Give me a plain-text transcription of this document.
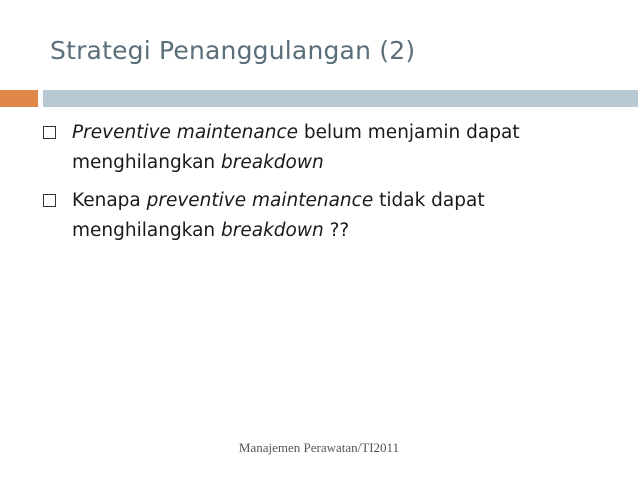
Strategi Penanggulangan (2)
Preventive maintenance belum menjamin dapat
menghilangkan breakdown
Kenapa preventive maintenance tidak dapat
menghilangkan breakdown ??
Manajemen Perawatan/TI2011
